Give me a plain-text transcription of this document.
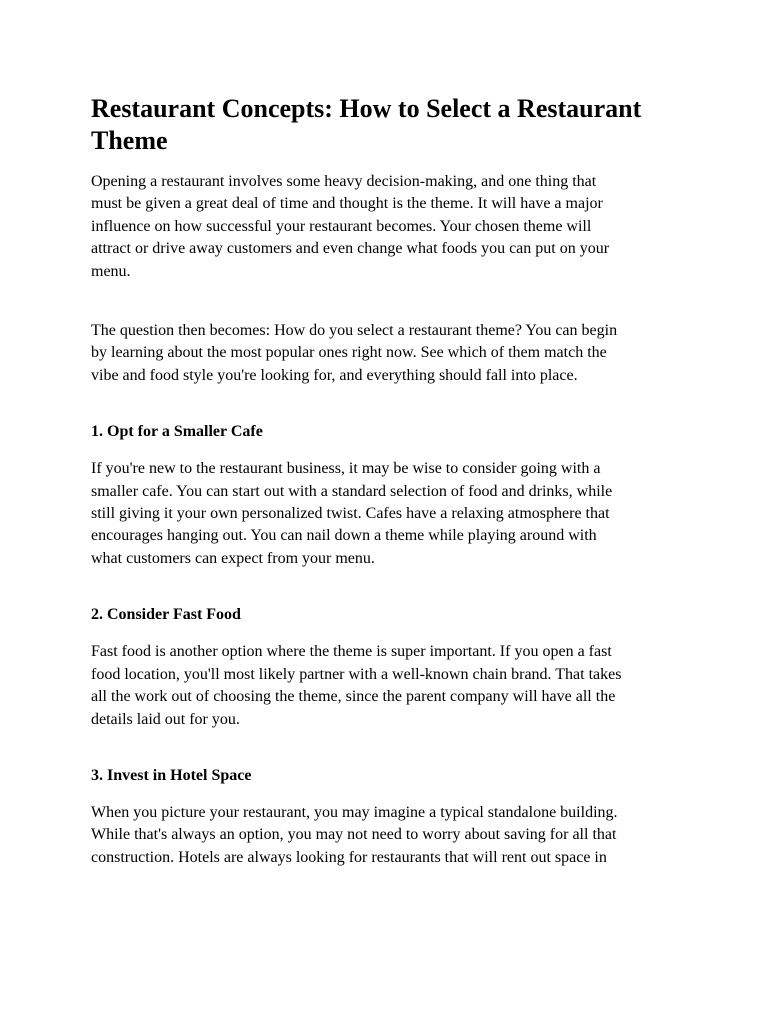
Restaurant Concepts: How to Select a Restaurant
Theme

Opening a restaurant involves some heavy decision-making, and one thing that
must be given a great deal of time and thought is the theme. It will have a major
influence on how successful your restaurant becomes. Your chosen theme will
attract or drive away customers and even change what foods you can put on your
menu.

The question then becomes: How do you select a restaurant theme? You can begin
by learning about the most popular ones right now. See which of them match the
vibe and food style you're looking for, and everything should fall into place.

1. Opt for a Smaller Cafe

If you're new to the restaurant business, it may be wise to consider going with a
smaller cafe. You can start out with a standard selection of food and drinks, while
still giving it your own personalized twist. Cafes have a relaxing atmosphere that
encourages hanging out. You can nail down a theme while playing around with
what customers can expect from your menu.

2. Consider Fast Food

Fast food is another option where the theme is super important. If you open a fast
food location, you'll most likely partner with a well-known chain brand. That takes
all the work out of choosing the theme, since the parent company will have all the
details laid out for you.

3. Invest in Hotel Space

When you picture your restaurant, you may imagine a typical standalone building.
While that's always an option, you may not need to worry about saving for all that
construction. Hotels are always looking for restaurants that will rent out space in
